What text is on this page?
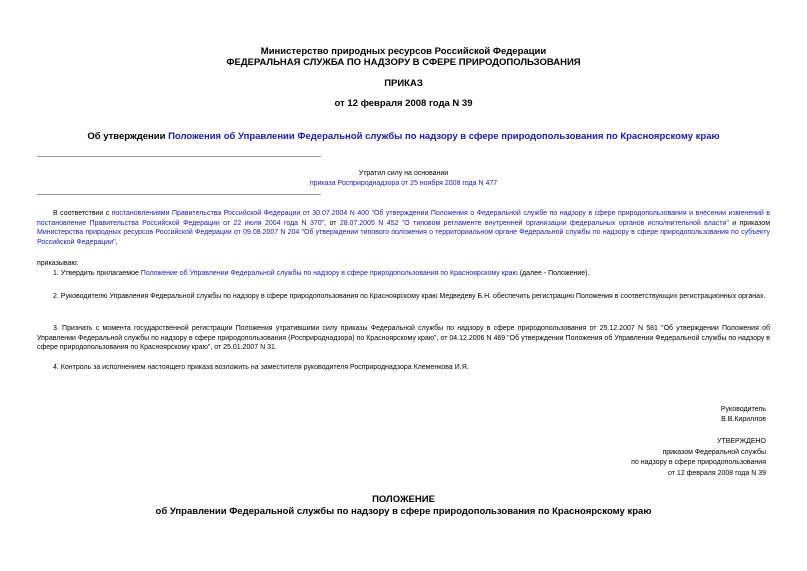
Министерство природных ресурсов Российской Федерации
ФЕДЕРАЛЬНАЯ СЛУЖБА ПО НАДЗОРУ В СФЕРЕ ПРИРОДОПОЛЬЗОВАНИЯ
ПРИКАЗ
от 12 февраля 2008 года N 39
Об утверждении Положения об Управлении Федеральной службы по надзору в сфере природопользования по Красноярскому краю
Утратил силу на основании
приказа Росприроднадзора от 25 ноября 2008 года N 477
В соответствии с постановлениями Правительства Российской Федерации от 30.07.2004 N 400 "Об утверждении Положения о Федеральной службе по надзору в сфере природопользования и внесении изменений в постановление Правительства Российской Федерации от 22 июля 2004 года N 370", от 28.07.2005 N 452 "О типовом регламенте внутренней организации федеральных органов исполнительной власти" и приказом Министерства природных ресурсов Российской Федерации от 09.08.2007 N 204 "Об утверждении типового положения о территориальном органе Федеральной службы по надзору в сфере природопользования по субъекту Российской Федерации",
приказываю:
1. Утвердить прилагаемое Положение об Управлении Федеральной службы по надзору в сфере природопользования по Красноярскому краю (далее - Положение).
2. Руководителю Управления Федеральной службы по надзору в сфере природопользования по Красноярскому краю Медведеву Б.Н. обеспечить регистрацию Положения в соответствующих регистрационных органах.
3. Признать с момента государственной регистрации Положения утратившими силу приказы Федеральной службы по надзору в сфере природопользования от 25.12.2007 N 581 "Об утверждении Положения об Управлении Федеральной службы по надзору в сфере природопользования (Росприроднадзора) по Красноярскому краю", от 04.12.2006 N 469 "Об утверждении Положения об Управлении Федеральной службы по надзору в сфере природопользования по Красноярскому краю", от 25.01.2007 N 31.
4. Контроль за исполнением настоящего приказа возложить на заместителя руководителя Росприроднадзора Клеменкова И.Я.
Руководитель
В.В.Кириллов
УТВЕРЖДЕНО
приказом Федеральной службы
по надзору в сфере природопользования
от 12 февраля 2008 года N 39
ПОЛОЖЕНИЕ
об Управлении Федеральной службы по надзору в сфере природопользования по Красноярскому краю
